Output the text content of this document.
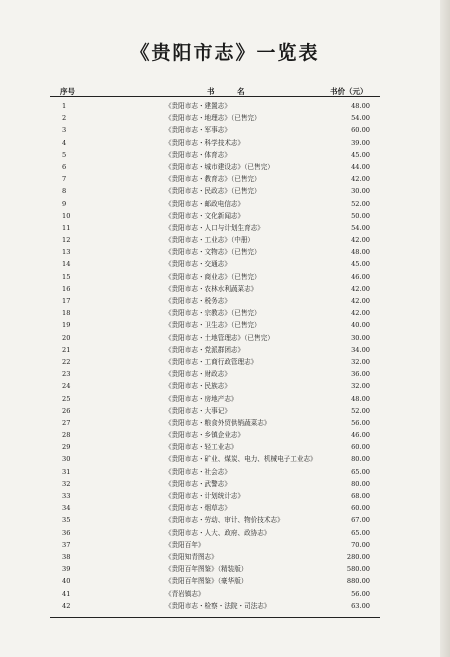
《贵阳市志》一览表
序号	书 名	书价（元）
1	《贵阳市志・建置志》	48.00
2	《贵阳市志・地理志》（已售完）	54.00
3	《贵阳市志・军事志》	60.00
4	《贵阳市志・科学技术志》	39.00
5	《贵阳市志・体育志》	45.00
6	《贵阳市志・城市建设志》（已售完）	44.00
7	《贵阳市志・教育志》（已售完）	42.00
8	《贵阳市志・民政志》（已售完）	30.00
9	《贵阳市志・邮政电信志》	52.00
10	《贵阳市志・文化新闻志》	50.00
11	《贵阳市志・人口与计划生育志》	54.00
12	《贵阳市志・工业志》（中册）	42.00
13	《贵阳市志・文物志》（已售完）	48.00
14	《贵阳市志・交通志》	45.00
15	《贵阳市志・商业志》（已售完）	46.00
16	《贵阳市志・农林水利蔬菜志》	42.00
17	《贵阳市志・税务志》	42.00
18	《贵阳市志・宗教志》（已售完）	42.00
19	《贵阳市志・卫生志》（已售完）	40.00
20	《贵阳市志・土地管理志》（已售完）	30.00
21	《贵阳市志・党派群团志》	34.00
22	《贵阳市志・工商行政管理志》	32.00
23	《贵阳市志・财政志》	36.00
24	《贵阳市志・民族志》	32.00
25	《贵阳市志・房地产志》	48.00
26	《贵阳市志・大事记》	52.00
27	《贵阳市志・粮食外贸供销蔬菜志》	56.00
28	《贵阳市志・乡镇企业志》	46.00
29	《贵阳市志・轻工业志》	60.00
30	《贵阳市志・矿业、煤炭、电力、机械电子工业志》	80.00
31	《贵阳市志・社会志》	65.00
32	《贵阳市志・武警志》	80.00
33	《贵阳市志・计划统计志》	68.00
34	《贵阳市志・烟草志》	60.00
35	《贵阳市志・劳动、审计、物价技术志》	67.00
36	《贵阳市志・人大、政府、政协志》	65.00
37	《贵阳百年》	70.00
38	《贵阳知青图志》	280.00
39	《贵阳百年图鉴》（精装版）	580.00
40	《贵阳百年图鉴》（豪华版）	880.00
41	《青岩镇志》	56.00
42	《贵阳市志・检察・法院・司法志》	63.00
